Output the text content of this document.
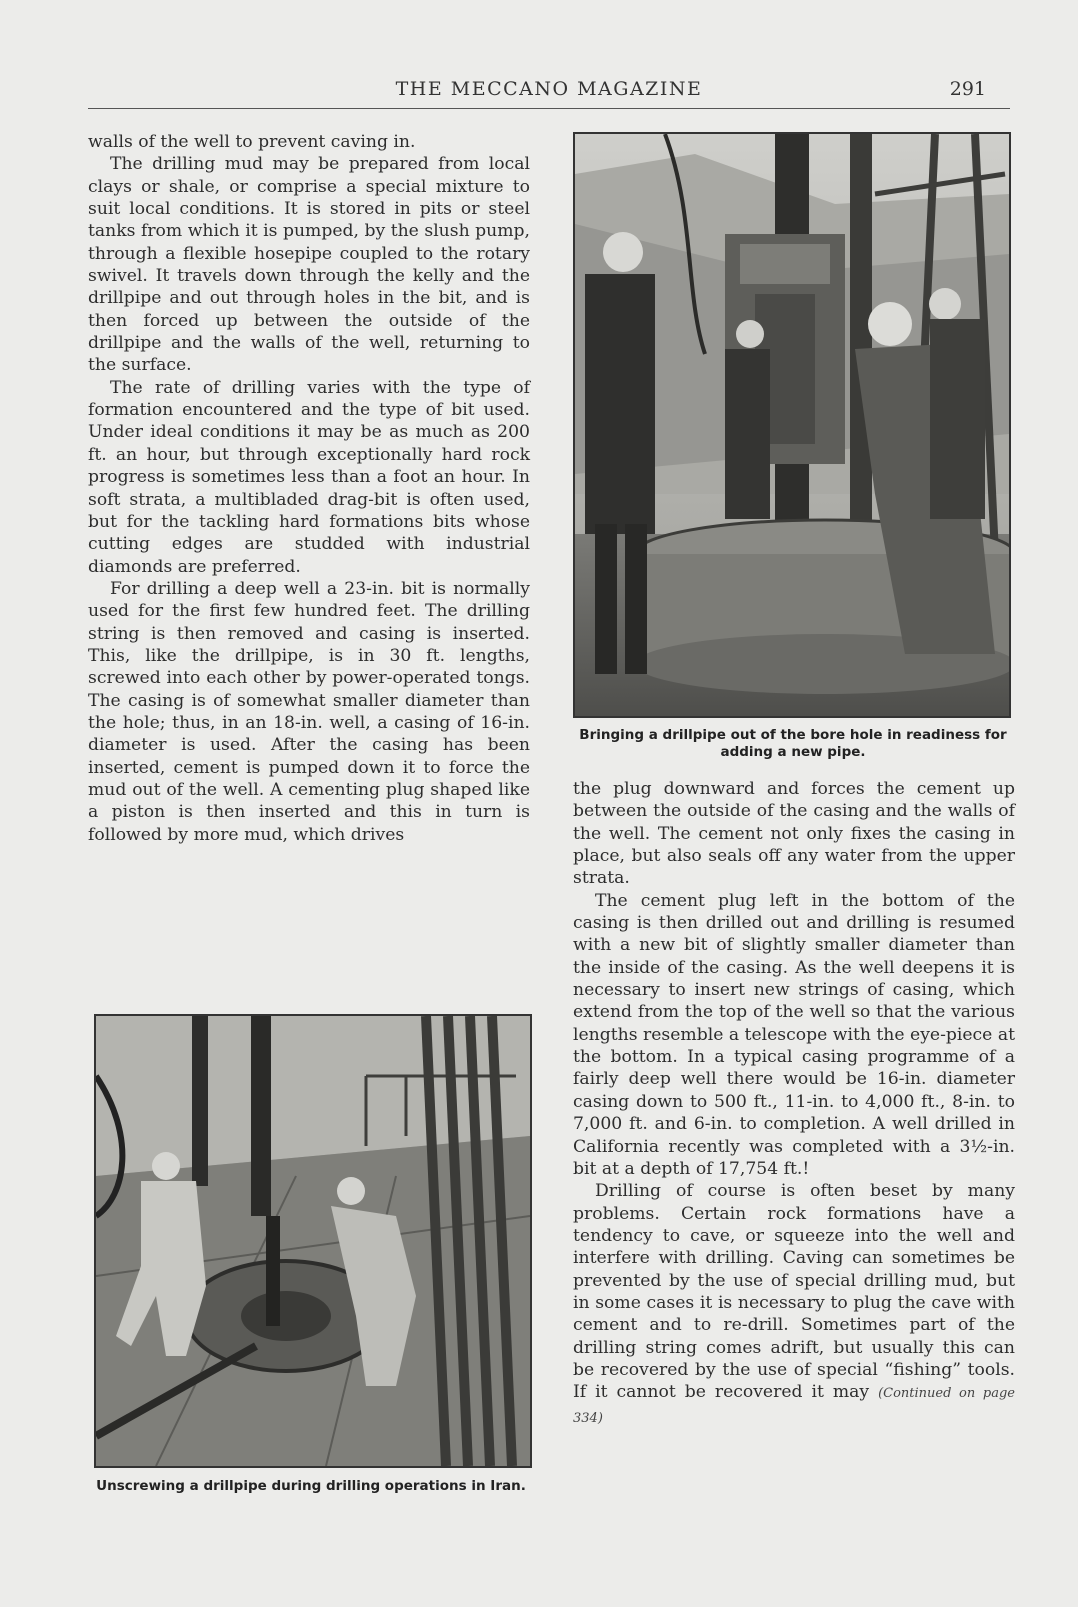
THE MECCANO MAGAZINE	291

walls of the well to prevent caving in.

The drilling mud may be prepared from local clays or shale, or comprise a special mixture to suit local conditions. It is stored in pits or steel tanks from which it is pumped, by the slush pump, through a flexible hosepipe coupled to the rotary swivel. It travels down through the kelly and the drillpipe and out through holes in the bit, and is then forced up between the outside of the drillpipe and the walls of the well, returning to the surface.

The rate of drilling varies with the type of formation encountered and the type of bit used. Under ideal conditions it may be as much as 200 ft. an hour, but through exceptionally hard rock progress is sometimes less than a foot an hour. In soft strata, a multibladed drag-bit is often used, but for the tackling hard formations bits whose cutting edges are studded with industrial diamonds are preferred.

For drilling a deep well a 23-in. bit is normally used for the first few hundred feet. The drilling string is then removed and casing is inserted. This, like the drillpipe, is in 30 ft. lengths, screwed into each other by power-operated tongs. The casing is of somewhat smaller diameter than the hole; thus, in an 18-in. well, a casing of 16-in. diameter is used. After the casing has been inserted, cement is pumped down it to force the mud out of the well. A cementing plug shaped like a piston is then inserted and this in turn is followed by more mud, which drives

Bringing a drillpipe out of the bore hole in readiness for adding a new pipe.

the plug downward and forces the cement up between the outside of the casing and the walls of the well. The cement not only fixes the casing in place, but also seals off any water from the upper strata.

The cement plug left in the bottom of the casing is then drilled out and drilling is resumed with a new bit of slightly smaller diameter than the inside of the casing. As the well deepens it is necessary to insert new strings of casing, which extend from the top of the well so that the various lengths resemble a telescope with the eye-piece at the bottom. In a typical casing programme of a fairly deep well there would be 16-in. diameter casing down to 500 ft., 11-in. to 4,000 ft., 8-in. to 7,000 ft. and 6-in. to completion. A well drilled in California recently was completed with a 3½-in. bit at a depth of 17,754 ft.!

Drilling of course is often beset by many problems. Certain rock formations have a tendency to cave, or squeeze into the well and interfere with drilling. Caving can sometimes be prevented by the use of special drilling mud, but in some cases it is necessary to plug the cave with cement and to re-drill. Sometimes part of the drilling string comes adrift, but usually this can be recovered by the use of special “fishing” tools. If it cannot be recovered it may (Continued on page 334)

Unscrewing a drillpipe during drilling operations in Iran.
